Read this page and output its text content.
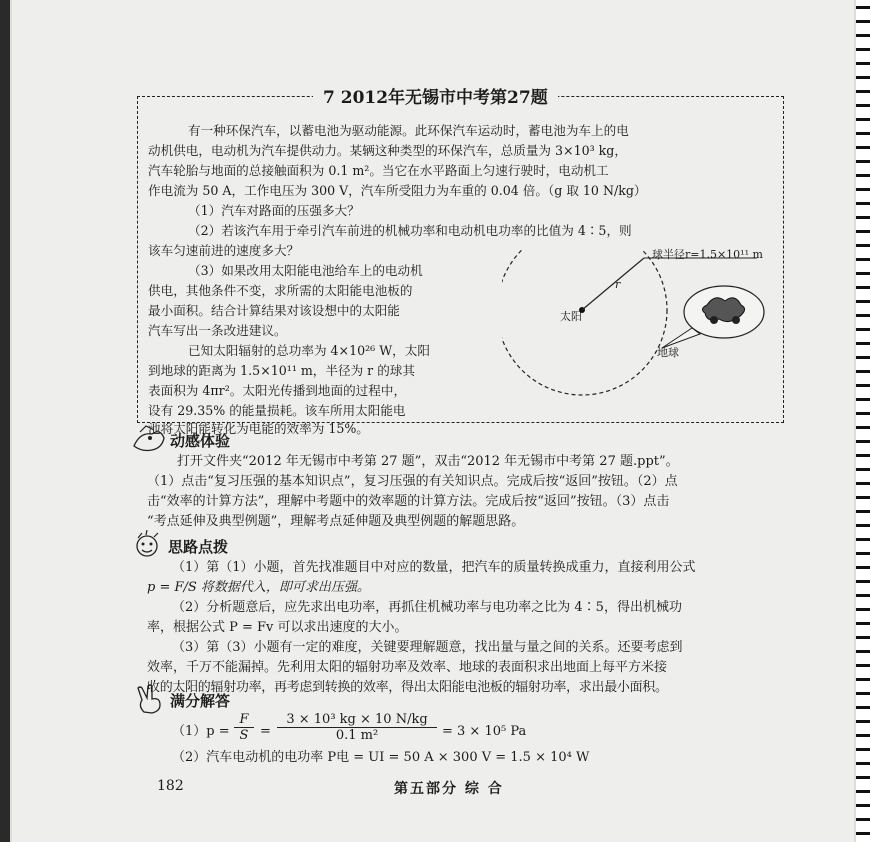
7 2012年无锡市中考第27题
有一种环保汽车，以蓄电池为驱动能源。此环保汽车运动时，蓄电池为车上的电
动机供电，电动机为汽车提供动力。某辆这种类型的环保汽车，总质量为 3×10³ kg，
汽车轮胎与地面的总接触面积为 0.1 m²。当它在水平路面上匀速行驶时，电动机工
作电流为 50 A，工作电压为 300 V，汽车所受阻力为车重的 0.04 倍。（g 取 10 N/kg）
（1）汽车对路面的压强多大？
（2）若该汽车用于牵引汽车前进的机械功率和电动机电功率的比值为 4∶5，则
该车匀速前进的速度多大？
（3）如果改用太阳能电池给车上的电动机
供电，其他条件不变，求所需的太阳能电池板的
最小面积。结合计算结果对该设想中的太阳能
汽车写出一条改进建议。
已知太阳辐射的总功率为 4×10²⁶ W，太阳
到地球的距离为 1.5×10¹¹ m，半径为 r 的球其
表面积为 4πr²。太阳光传播到地面的过程中，
设有 29.35% 的能量损耗。该车所用太阳能电
池将太阳能转化为电能的效率为 15%。
球半径r=1.5×10¹¹ m
太阳
r
地球
动感体验
打开文件夹“2012 年无锡市中考第 27 题”，双击“2012 年无锡市中考第 27 题.ppt”。
（1）点击“复习压强的基本知识点”，复习压强的有关知识点。完成后按“返回”按钮。（2）点
击“效率的计算方法”，理解中考题中的效率题的计算方法。完成后按“返回”按钮。（3）点击
“考点延伸及典型例题”，理解考点延伸题及典型例题的解题思路。
思路点拨
（1）第（1）小题，首先找准题目中对应的数量，把汽车的质量转换成重力，直接利用公式
p = F/S 将数据代入，即可求出压强。
（2）分析题意后，应先求出电功率，再抓住机械功率与电功率之比为 4∶5，得出机械功
率，根据公式 P = Fv 可以求出速度的大小。
（3）第（3）小题有一定的难度，关键要理解题意，找出量与量之间的关系。还要考虑到
效率，千万不能漏掉。先利用太阳的辐射功率及效率、地球的表面积求出地面上每平方米接
收的太阳的辐射功率，再考虑到转换的效率，得出太阳能电池板的辐射功率，求出最小面积。
满分解答
$(1)p = \frac{F}{S} = \frac{\text{3 × 10³ kg × 10 N/kg}}{\text{0.1 m²}} = 3 \times 10^5$ Pa
（2）汽车电动机的电功率 P电 = UI = 50 A × 300 V = 1.5 × 10⁴ W
182	第五部分 综 合
